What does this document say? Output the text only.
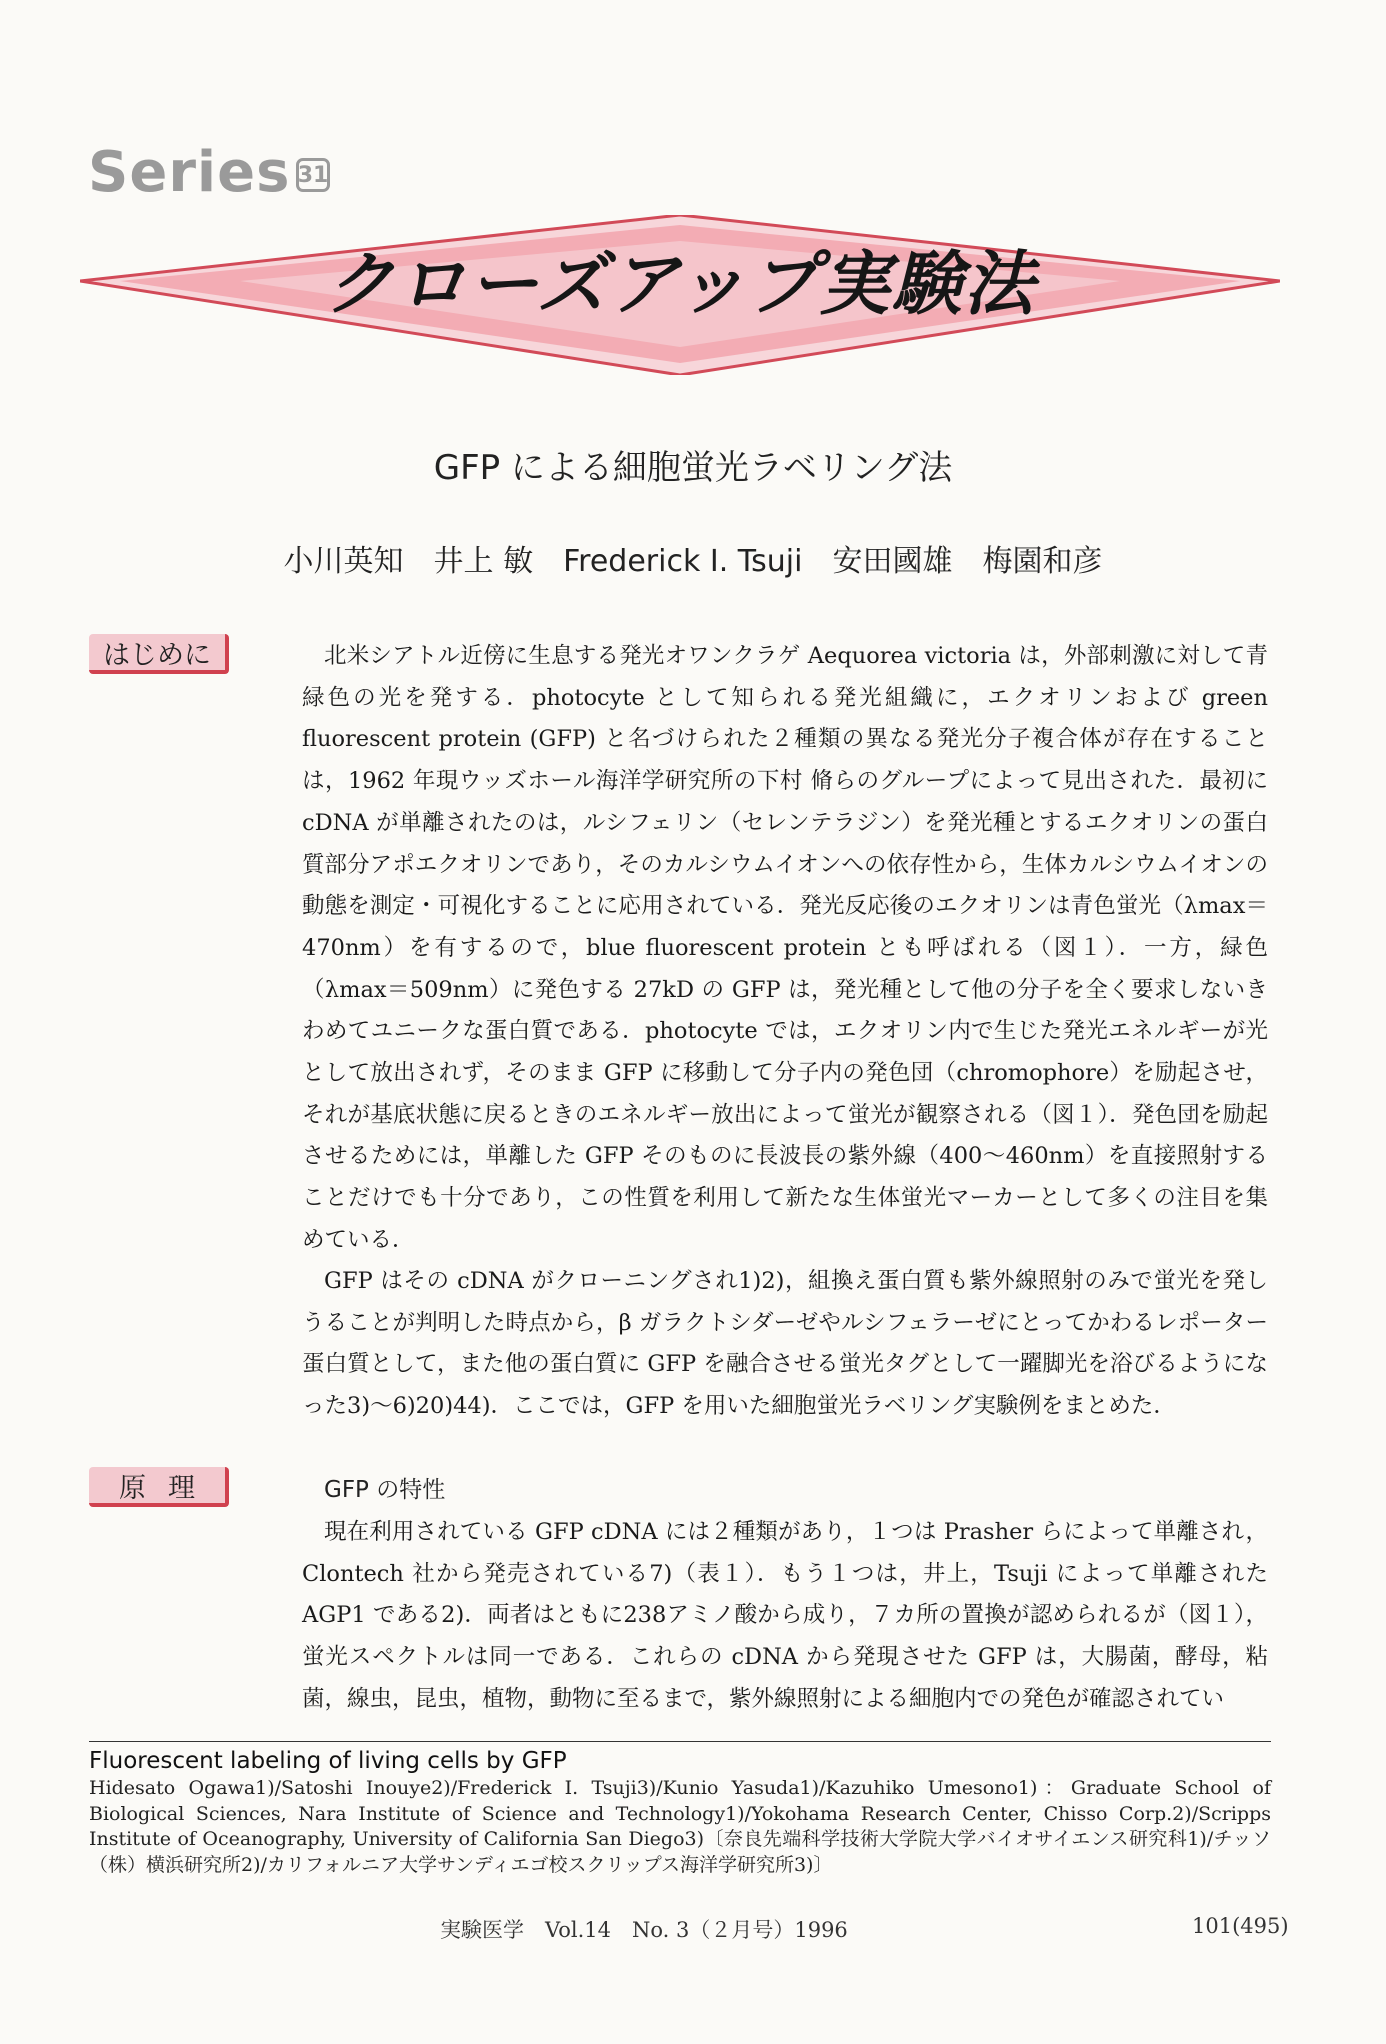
Series 31
クローズアップ実験法
GFP による細胞蛍光ラベリング法
小川英知　井上 敏　Frederick I. Tsuji　安田國雄　梅園和彦
はじめに	北米シアトル近傍に生息する発光オワンクラゲ Aequorea victoria は，外部刺激に対して青緑色の光を発する．photocyte として知られる発光組織に，エクオリンおよび green fluorescent protein (GFP) と名づけられた２種類の異なる発光分子複合体が存在することは，1962 年現ウッズホール海洋学研究所の下村 脩らのグループによって見出された．最初に cDNA が単離されたのは，ルシフェリン（セレンテラジン）を発光種とするエクオリンの蛋白質部分アポエクオリンであり，そのカルシウムイオンへの依存性から，生体カルシウムイオンの動態を測定・可視化することに応用されている．発光反応後のエクオリンは青色蛍光（λmax＝470nm）を有するので，blue fluorescent protein とも呼ばれる（図１）．一方，緑色（λmax＝509nm）に発色する 27kD の GFP は，発光種として他の分子を全く要求しないきわめてユニークな蛋白質である．photocyte では，エクオリン内で生じた発光エネルギーが光として放出されず，そのまま GFP に移動して分子内の発色団（chromophore）を励起させ，それが基底状態に戻るときのエネルギー放出によって蛍光が観察される（図１）．発色団を励起させるためには，単離した GFP そのものに長波長の紫外線（400〜460nm）を直接照射することだけでも十分であり，この性質を利用して新たな生体蛍光マーカーとして多くの注目を集めている．

GFP はその cDNA がクローニングされ1)2)，組換え蛋白質も紫外線照射のみで蛍光を発しうることが判明した時点から，β ガラクトシダーゼやルシフェラーゼにとってかわるレポーター蛋白質として，また他の蛋白質に GFP を融合させる蛍光タグとして一躍脚光を浴びるようになった3)〜6)20)44)．ここでは，GFP を用いた細胞蛍光ラベリング実験例をまとめた．

原理	GFP の特性

現在利用されている GFP cDNA には２種類があり，１つは Prasher らによって単離され，Clontech 社から発売されている7)（表１）．もう１つは，井上，Tsuji によって単離された AGP1 である2)．両者はともに238アミノ酸から成り，７カ所の置換が認められるが（図１），蛍光スペクトルは同一である．これらの cDNA から発現させた GFP は，大腸菌，酵母，粘菌，線虫，昆虫，植物，動物に至るまで，紫外線照射による細胞内での発色が確認されてい

Fluorescent labeling of living cells by GFP
Hidesato Ogawa1)/Satoshi Inouye2)/Frederick I. Tsuji3)/Kunio Yasuda1)/Kazuhiko Umesono1)：Graduate School of Biological Sciences, Nara Institute of Science and Technology1)/Yokohama Research Center, Chisso Corp.2)/Scripps Institute of Oceanography, University of California San Diego3)〔奈良先端科学技術大学院大学バイオサイエンス研究科1)/チッソ（株）横浜研究所2)/カリフォルニア大学サンディエゴ校スクリップス海洋学研究所3)〕
実験医学　Vol.14　No. 3（２月号）1996	101(495)
